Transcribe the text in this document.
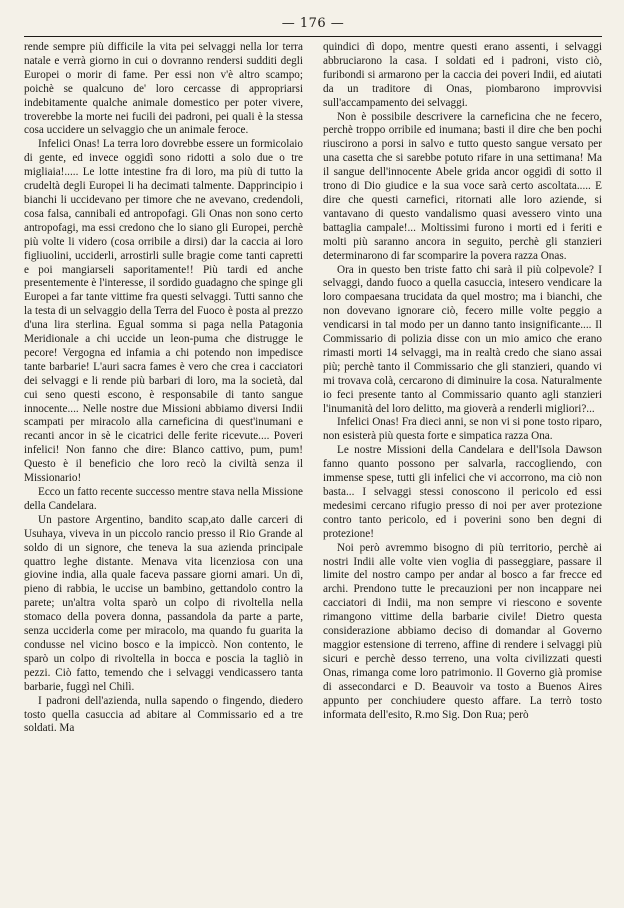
— 176 —

rende sempre più difficile la vita pei selvaggi nella lor terra natale e verrà giorno in cui o dovranno rendersi sudditi degli Europei o morir di fame. Per essi non v'è altro scampo; poichè se qualcuno de' loro cercasse di appropriarsi indebitamente qualche animale domestico per poter vivere, troverebbe la morte nei fucili dei padroni, pei quali è la stessa cosa uccidere un selvaggio che un animale feroce.

Infelici Onas! La terra loro dovrebbe essere un formicolaio di gente, ed invece oggidì sono ridotti a solo due o tre migliaia!..... Le lotte intestine fra di loro, ma più di tutto la crudeltà degli Europei li ha decimati talmente. Dapprincipio i bianchi li uccidevano per timore che ne avevano, credendoli, cosa falsa, cannibali ed antropofagi. Gli Onas non sono certo antropofagi, ma essi credono che lo siano gli Europei, perchè più volte li videro (cosa orribile a dirsi) dar la caccia ai loro figliuolini, ucciderli, arrostirli sulle bragie come tanti capretti e poi mangiarseli saporitamente!! Più tardi ed anche presentemente è l'interesse, il sordido guadagno che spinge gli Europei a far tante vittime fra questi selvaggi. Tutti sanno che la testa di un selvaggio della Terra del Fuoco è posta al prezzo d'una lira sterlina. Egual somma si paga nella Patagonia Meridionale a chi uccide un leon-puma che distrugge le pecore! Vergogna ed infamia a chi potendo non impedisce tante barbarie! L'auri sacra fames è vero che crea i cacciatori dei selvaggi e li rende più barbari di loro, ma la società, dal cui seno questi escono, è responsabile di tanto sangue innocente.... Nelle nostre due Missioni abbiamo diversi Indii scampati per miracolo alla carneficina di quest'inumani e recanti ancor in sè le cicatrici delle ferite ricevute.... Poveri infelici! Non fanno che dire: Blanco cattivo, pum, pum! Questo è il beneficio che loro recò la civiltà senza il Missionario!

Ecco un fatto recente successo mentre stava nella Missione della Candelara.

Un pastore Argentino, bandito scap,ato dalle carceri di Usuhaya, viveva in un piccolo rancio presso il Rio Grande al soldo di un signore, che teneva la sua azienda principale quattro leghe distante. Menava vita licenziosa con una giovine india, alla quale faceva passare giorni amari. Un dì, pieno di rabbia, le uccise un bambino, gettandolo contro la parete; un'altra volta sparò un colpo di rivoltella nella stomaco della povera donna, passandola da parte a parte, senza ucciderla come per miracolo, ma quando fu guarita la condusse nel vicino bosco e la impiccò. Non contento, le sparò un colpo di rivoltella in bocca e poscia la tagliò in pezzi. Ciò fatto, temendo che i selvaggi vendicassero tanta barbarie, fuggì nel Chilì.

I padroni dell'azienda, nulla sapendo o fingendo, diedero tosto quella casuccia ad abitare al Commissario ed a tre soldati. Ma

quindici dì dopo, mentre questi erano assenti, i selvaggi abbruciarono la casa. I soldati ed i padroni, visto ciò, furibondi si armarono per la caccia dei poveri Indii, ed aiutati da un traditore di Onas, piombarono improvvisi sull'accampamento dei selvaggi.

Non è possibile descrivere la carneficina che ne fecero, perchè troppo orribile ed inumana; basti il dire che ben pochi riuscirono a porsi in salvo e tutto questo sangue versato per una casetta che si sarebbe potuto rifare in una settimana! Ma il sangue dell'innocente Abele grida ancor oggidì di sotto il trono di Dio giudice e la sua voce sarà certo ascoltata..... E dire che questi carnefici, ritornati alle loro aziende, si vantavano di questo vandalismo quasi avessero vinto una battaglia campale!... Moltissimi furono i morti ed i feriti e molti più saranno ancora in seguito, perchè gli stanzieri determinarono di far scomparire la povera razza Onas.

Ora in questo ben triste fatto chi sarà il più colpevole? I selvaggi, dando fuoco a quella casuccia, intesero vendicare la loro compaesana trucidata da quel mostro; ma i bianchi, che non dovevano ignorare ciò, fecero mille volte peggio a vendicarsi in tal modo per un danno tanto insignificante.... Il Commissario di polizia disse con un mio amico che erano rimasti morti 14 selvaggi, ma in realtà credo che siano assai più; perchè tanto il Commissario che gli stanzieri, quando vi mi trovava colà, cercarono di diminuire la cosa. Naturalmente io feci presente tanto al Commissario quanto agli stanzieri l'inumanità del loro delitto, ma gioverà a renderli migliori?...

Infelici Onas! Fra dieci anni, se non vi si pone tosto riparo, non esisterà più questa forte e simpatica razza Ona.

Le nostre Missioni della Candelara e dell'Isola Dawson fanno quanto possono per salvarla, raccogliendo, con immense spese, tutti gli infelici che vi accorrono, ma ciò non basta... I selvaggi stessi conoscono il pericolo ed essi medesimi cercano rifugio presso di noi per aver protezione contro tanto pericolo, ed i poverini sono ben degni di protezione!

Noi però avremmo bisogno di più territorio, perchè ai nostri Indii alle volte vien voglia di passeggiare, passare il limite del nostro campo per andar al bosco a far frecce ed archi. Prendono tutte le precauzioni per non incappare nei cacciatori di Indii, ma non sempre vi riescono e sovente rimangono vittime della barbarie civile! Dietro questa considerazione abbiamo deciso di domandar al Governo maggior estensione di terreno, affine di rendere i selvaggi più sicuri e perchè desso terreno, una volta civilizzati questi Onas, rimanga come loro patrimonio. Il Governo già promise di assecondarci e D. Beauvoir va tosto a Buenos Aires appunto per conchiudere questo affare. La terrò tosto informata dell'esito, R.mo Sig. Don Rua; però
